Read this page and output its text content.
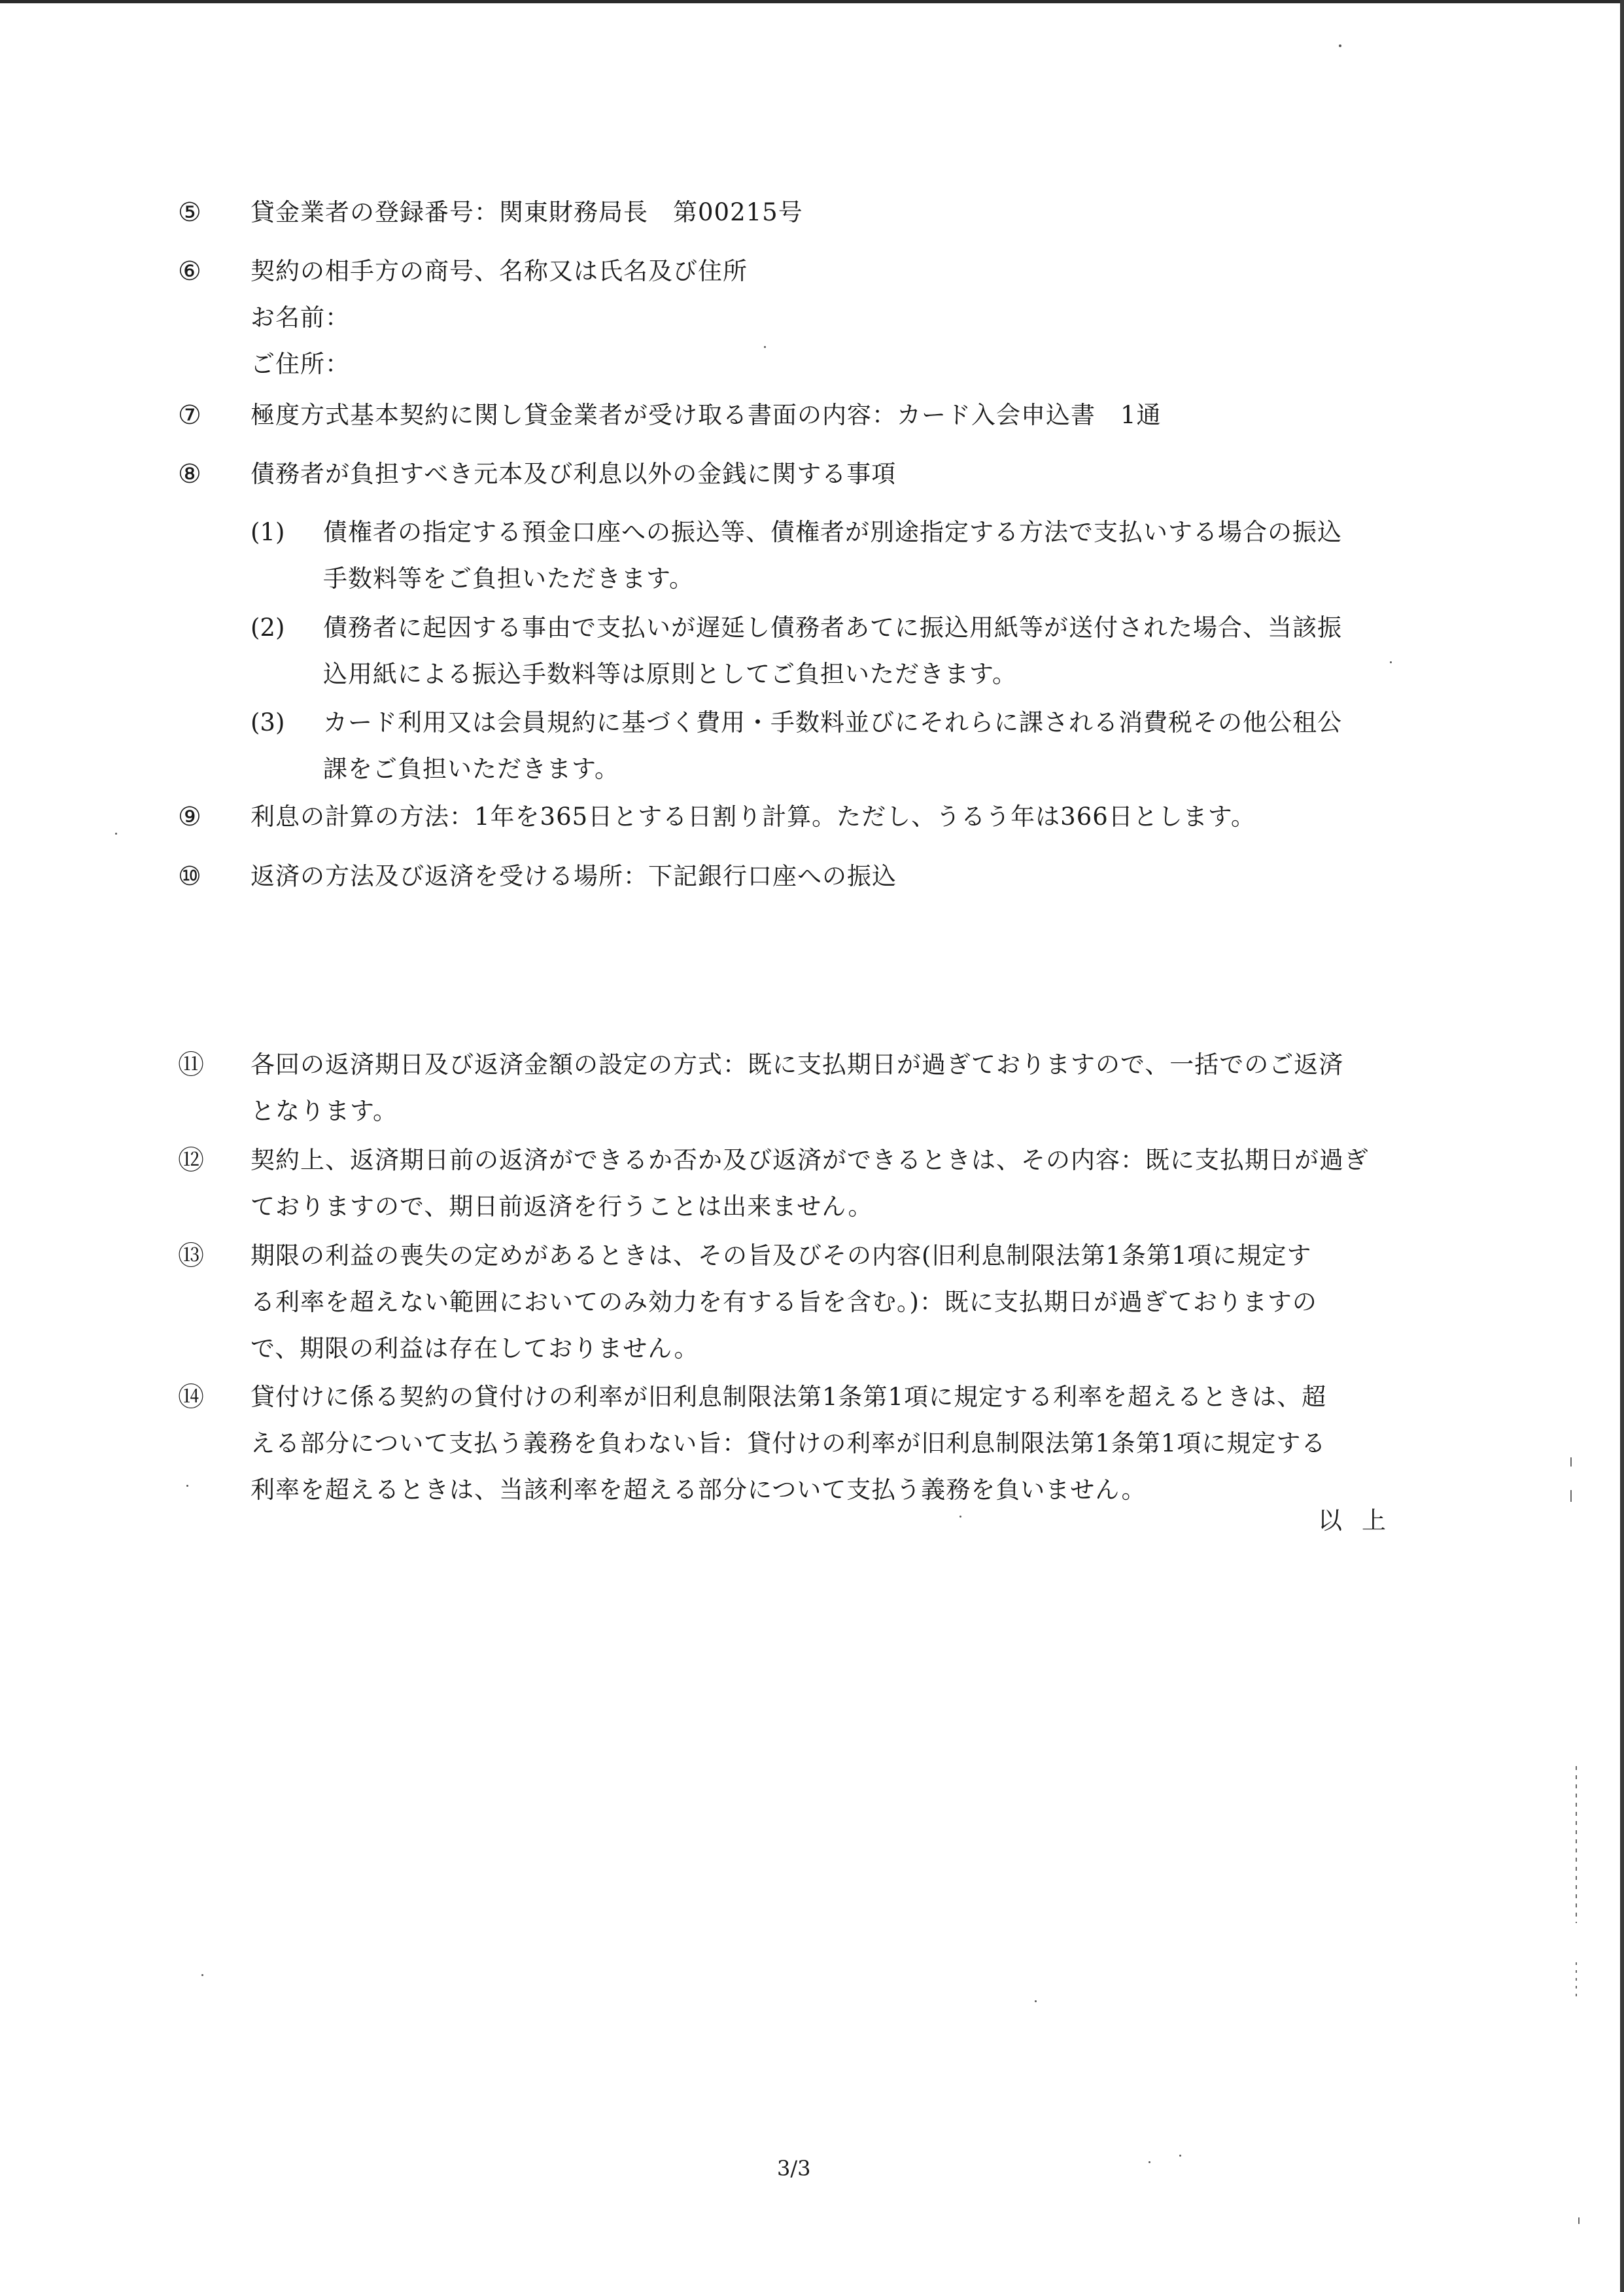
⑤ 貸金業者の登録番号：関東財務局長　第00215号
⑥ 契約の相手方の商号、名称又は氏名及び住所
お名前：
ご住所：
⑦ 極度方式基本契約に関し貸金業者が受け取る書面の内容：カード入会申込書　1通
⑧ 債務者が負担すべき元本及び利息以外の金銭に関する事項
(1) 債権者の指定する預金口座への振込等、債権者が別途指定する方法で支払いする場合の振込
手数料等をご負担いただきます。
(2) 債務者に起因する事由で支払いが遅延し債務者あてに振込用紙等が送付された場合、当該振
込用紙による振込手数料等は原則としてご負担いただきます。
(3) カード利用又は会員規約に基づく費用・手数料並びにそれらに課される消費税その他公租公
課をご負担いただきます。
⑨ 利息の計算の方法：1年を365日とする日割り計算。ただし、うるう年は366日とします。
⑩ 返済の方法及び返済を受ける場所：下記銀行口座への振込
⑪ 各回の返済期日及び返済金額の設定の方式：既に支払期日が過ぎておりますので、一括でのご返済
となります。
⑫ 契約上、返済期日前の返済ができるか否か及び返済ができるときは、その内容：既に支払期日が過ぎ
ておりますので、期日前返済を行うことは出来ません。
⑬ 期限の利益の喪失の定めがあるときは、その旨及びその内容(旧利息制限法第1条第1項に規定す
る利率を超えない範囲においてのみ効力を有する旨を含む。)：既に支払期日が過ぎておりますの
で、期限の利益は存在しておりません。
⑭ 貸付けに係る契約の貸付けの利率が旧利息制限法第1条第1項に規定する利率を超えるときは、超
える部分について支払う義務を負わない旨：貸付けの利率が旧利息制限法第1条第1項に規定する
利率を超えるときは、当該利率を超える部分について支払う義務を負いません。
以上
3/3
